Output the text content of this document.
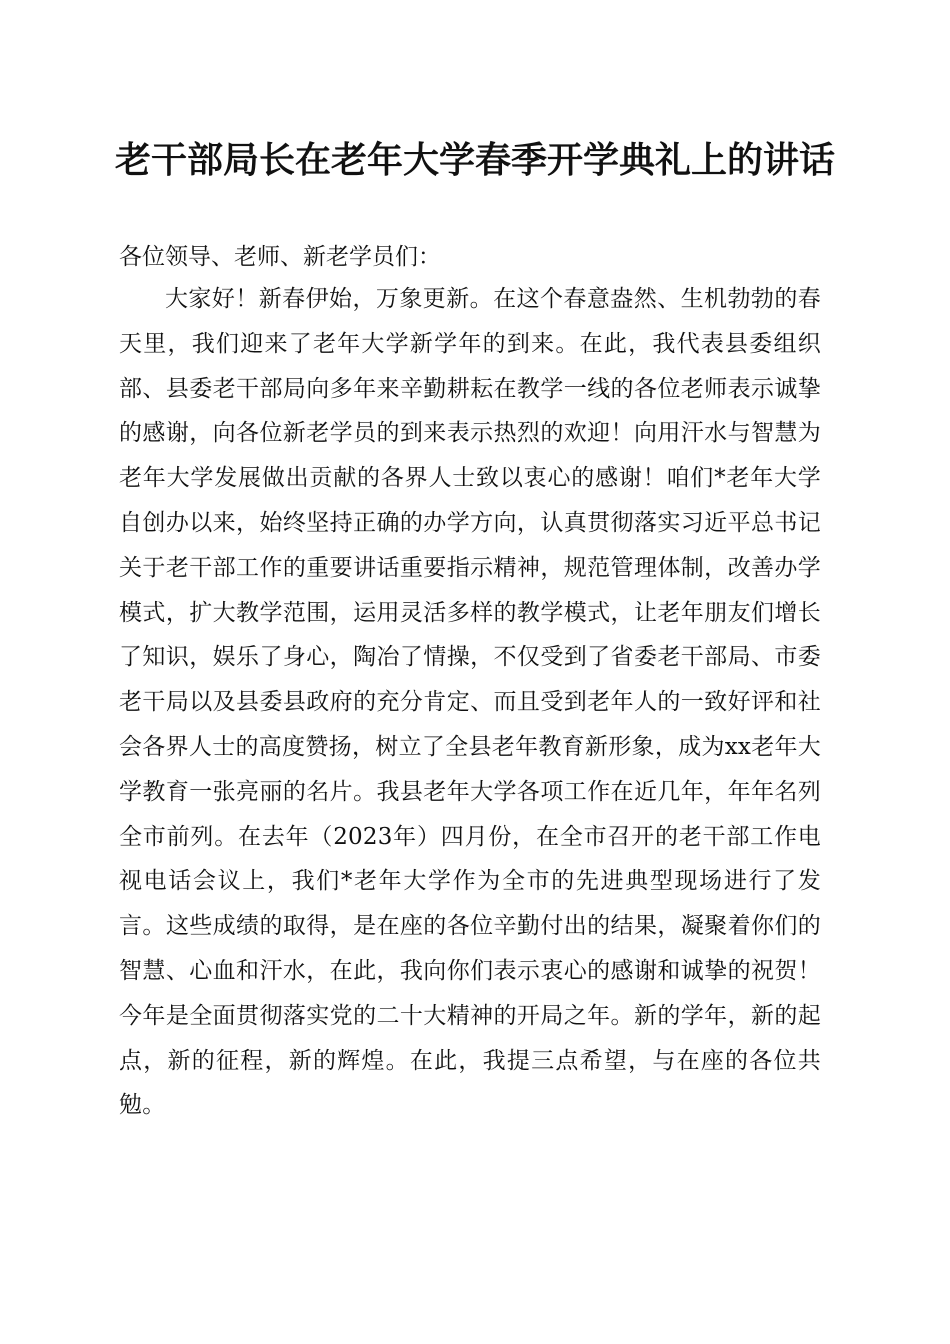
老干部局长在老年大学春季开学典礼上的讲话

各位领导、老师、新老学员们：

大家好！新春伊始，万象更新。在这个春意盎然、生机勃勃的春天里，我们迎来了老年大学新学年的到来。在此，我代表县委组织部、县委老干部局向多年来辛勤耕耘在教学一线的各位老师表示诚挚的感谢，向各位新老学员的到来表示热烈的欢迎！向用汗水与智慧为老年大学发展做出贡献的各界人士致以衷心的感谢！咱们*老年大学自创办以来，始终坚持正确的办学方向，认真贯彻落实习近平总书记关于老干部工作的重要讲话重要指示精神，规范管理体制，改善办学模式，扩大教学范围，运用灵活多样的教学模式，让老年朋友们增长了知识，娱乐了身心，陶冶了情操，不仅受到了省委老干部局、市委老干局以及县委县政府的充分肯定、而且受到老年人的一致好评和社会各界人士的高度赞扬，树立了全县老年教育新形象，成为xx老年大学教育一张亮丽的名片。我县老年大学各项工作在近几年，年年名列全市前列。在去年（2023年）四月份，在全市召开的老干部工作电视电话会议上，我们*老年大学作为全市的先进典型现场进行了发言。这些成绩的取得，是在座的各位辛勤付出的结果，凝聚着你们的智慧、心血和汗水，在此，我向你们表示衷心的感谢和诚挚的祝贺！今年是全面贯彻落实党的二十大精神的开局之年。新的学年，新的起点，新的征程，新的辉煌。在此，我提三点希望，与在座的各位共勉。
